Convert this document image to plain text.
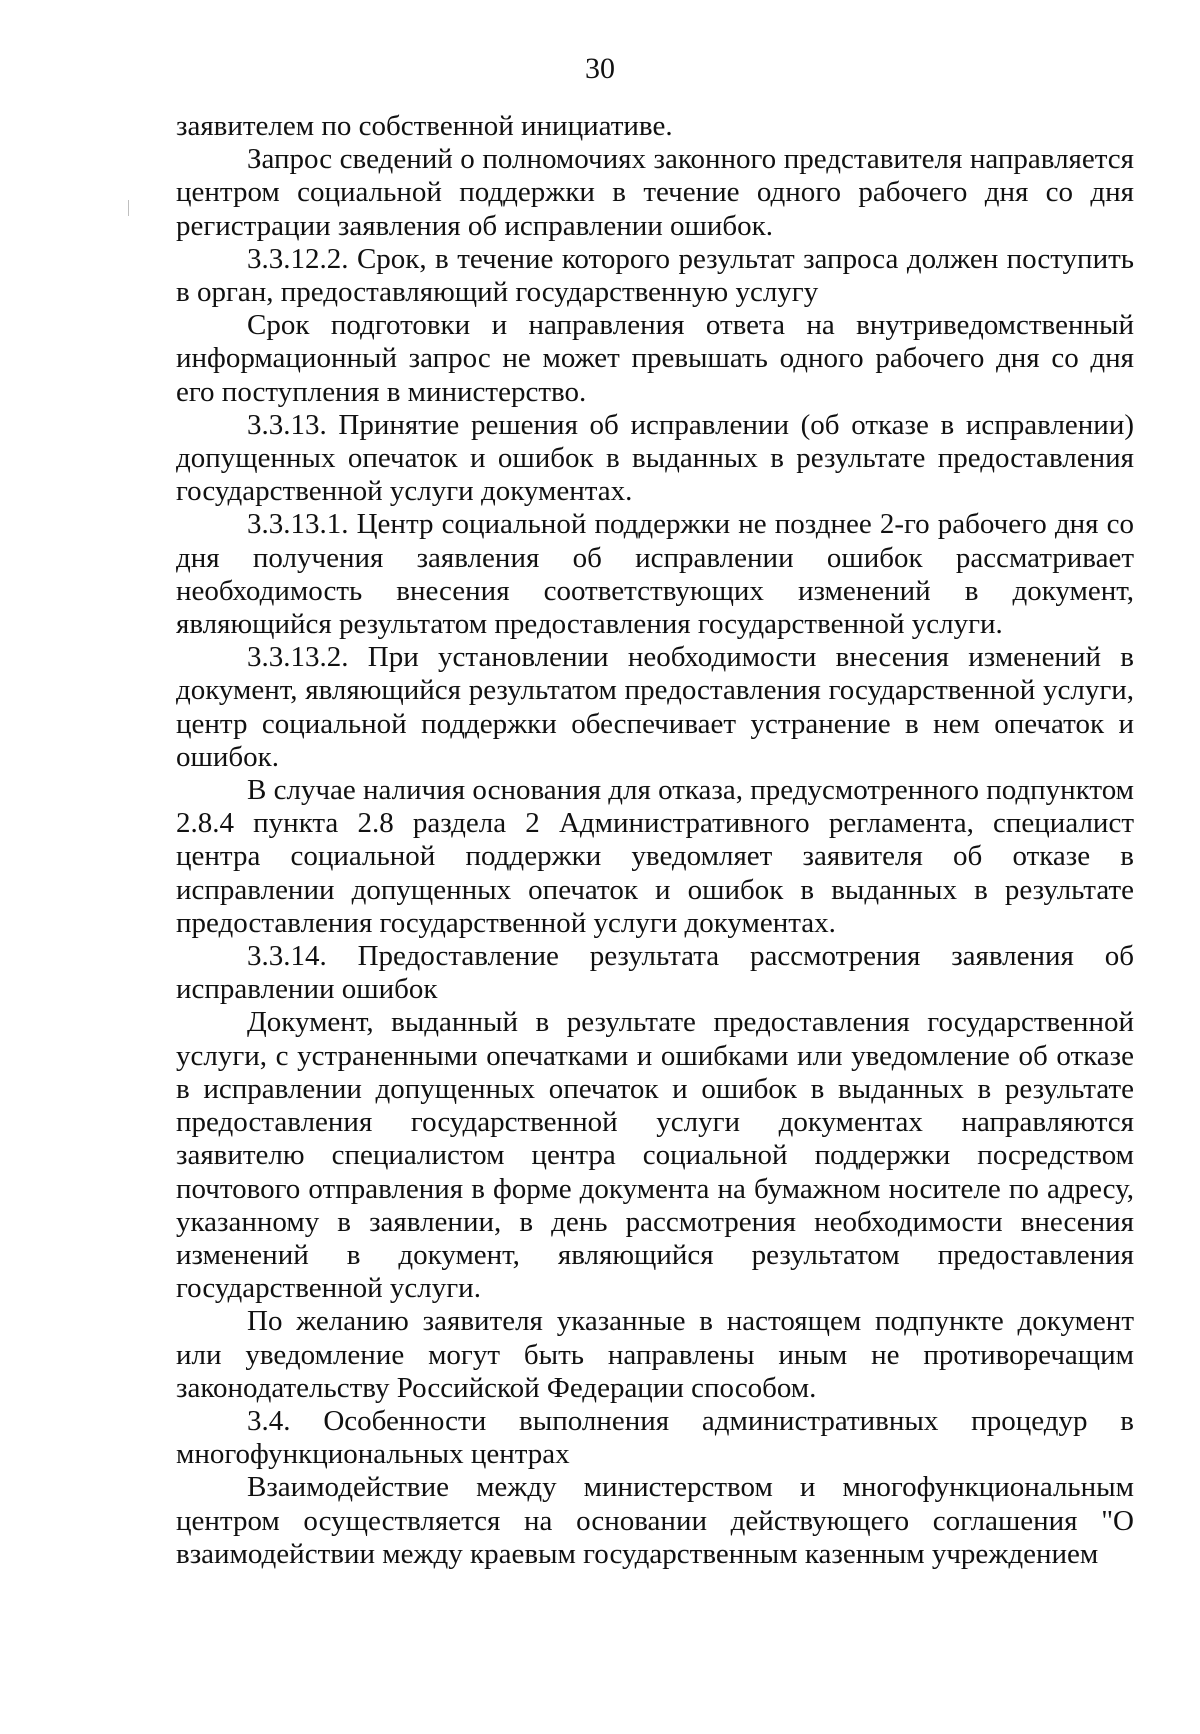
30

заявителем по собственной инициативе.

Запрос сведений о полномочиях законного представителя направляется центром социальной поддержки в течение одного рабочего дня со дня регистрации заявления об исправлении ошибок.

3.3.12.2. Срок, в течение которого результат запроса должен поступить в орган, предоставляющий государственную услугу

Срок подготовки и направления ответа на внутриведомственный информационный запрос не может превышать одного рабочего дня со дня его поступления в министерство.

3.3.13. Принятие решения об исправлении (об отказе в исправлении) допущенных опечаток и ошибок в выданных в результате предоставления государственной услуги документах.

3.3.13.1. Центр социальной поддержки не позднее 2-го рабочего дня со дня получения заявления об исправлении ошибок рассматривает необходимость внесения соответствующих изменений в документ, являющийся результатом предоставления государственной услуги.

3.3.13.2. При установлении необходимости внесения изменений в документ, являющийся результатом предоставления государственной услуги, центр социальной поддержки обеспечивает устранение в нем опечаток и ошибок.

В случае наличия основания для отказа, предусмотренного подпунктом 2.8.4 пункта 2.8 раздела 2 Административного регламента, специалист центра социальной поддержки уведомляет заявителя об отказе в исправлении допущенных опечаток и ошибок в выданных в результате предоставления государственной услуги документах.

3.3.14. Предоставление результата рассмотрения заявления об исправлении ошибок

Документ, выданный в результате предоставления государственной услуги, с устраненными опечатками и ошибками или уведомление об отказе в исправлении допущенных опечаток и ошибок в выданных в результате предоставления государственной услуги документах направляются заявителю специалистом центра социальной поддержки посредством почтового отправления в форме документа на бумажном носителе по адресу, указанному в заявлении, в день рассмотрения необходимости внесения изменений в документ, являющийся результатом предоставления государственной услуги.

По желанию заявителя указанные в настоящем подпункте документ или уведомление могут быть направлены иным не противоречащим законодательству Российской Федерации способом.

3.4. Особенности выполнения административных процедур в многофункциональных центрах

Взаимодействие между министерством и многофункциональным центром осуществляется на основании действующего соглашения "О взаимодействии между краевым государственным казенным учреждением
